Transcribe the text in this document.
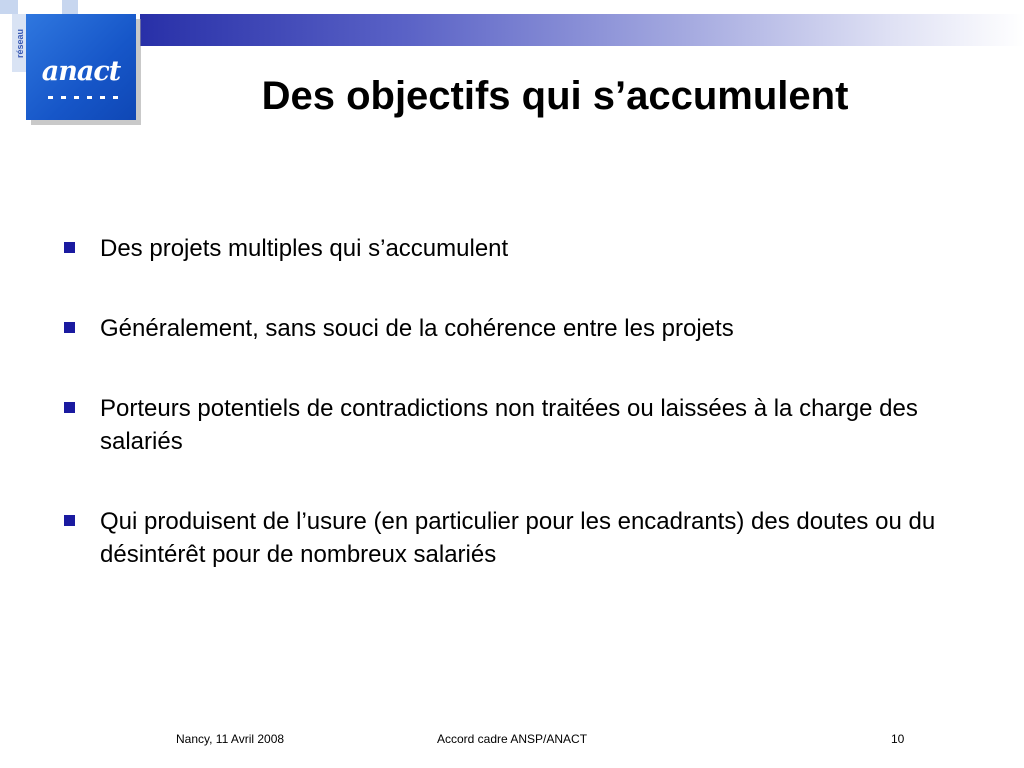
réseau
anact
Des objectifs qui s’accumulent
Des projets multiples qui s’accumulent
Généralement, sans souci de la cohérence entre les projets
Porteurs potentiels de contradictions non traitées ou laissées à la charge des salariés
Qui produisent de l’usure (en particulier pour les encadrants) des doutes ou du désintérêt pour de nombreux salariés
Nancy, 11 Avril 2008	Accord cadre ANSP/ANACT	10
